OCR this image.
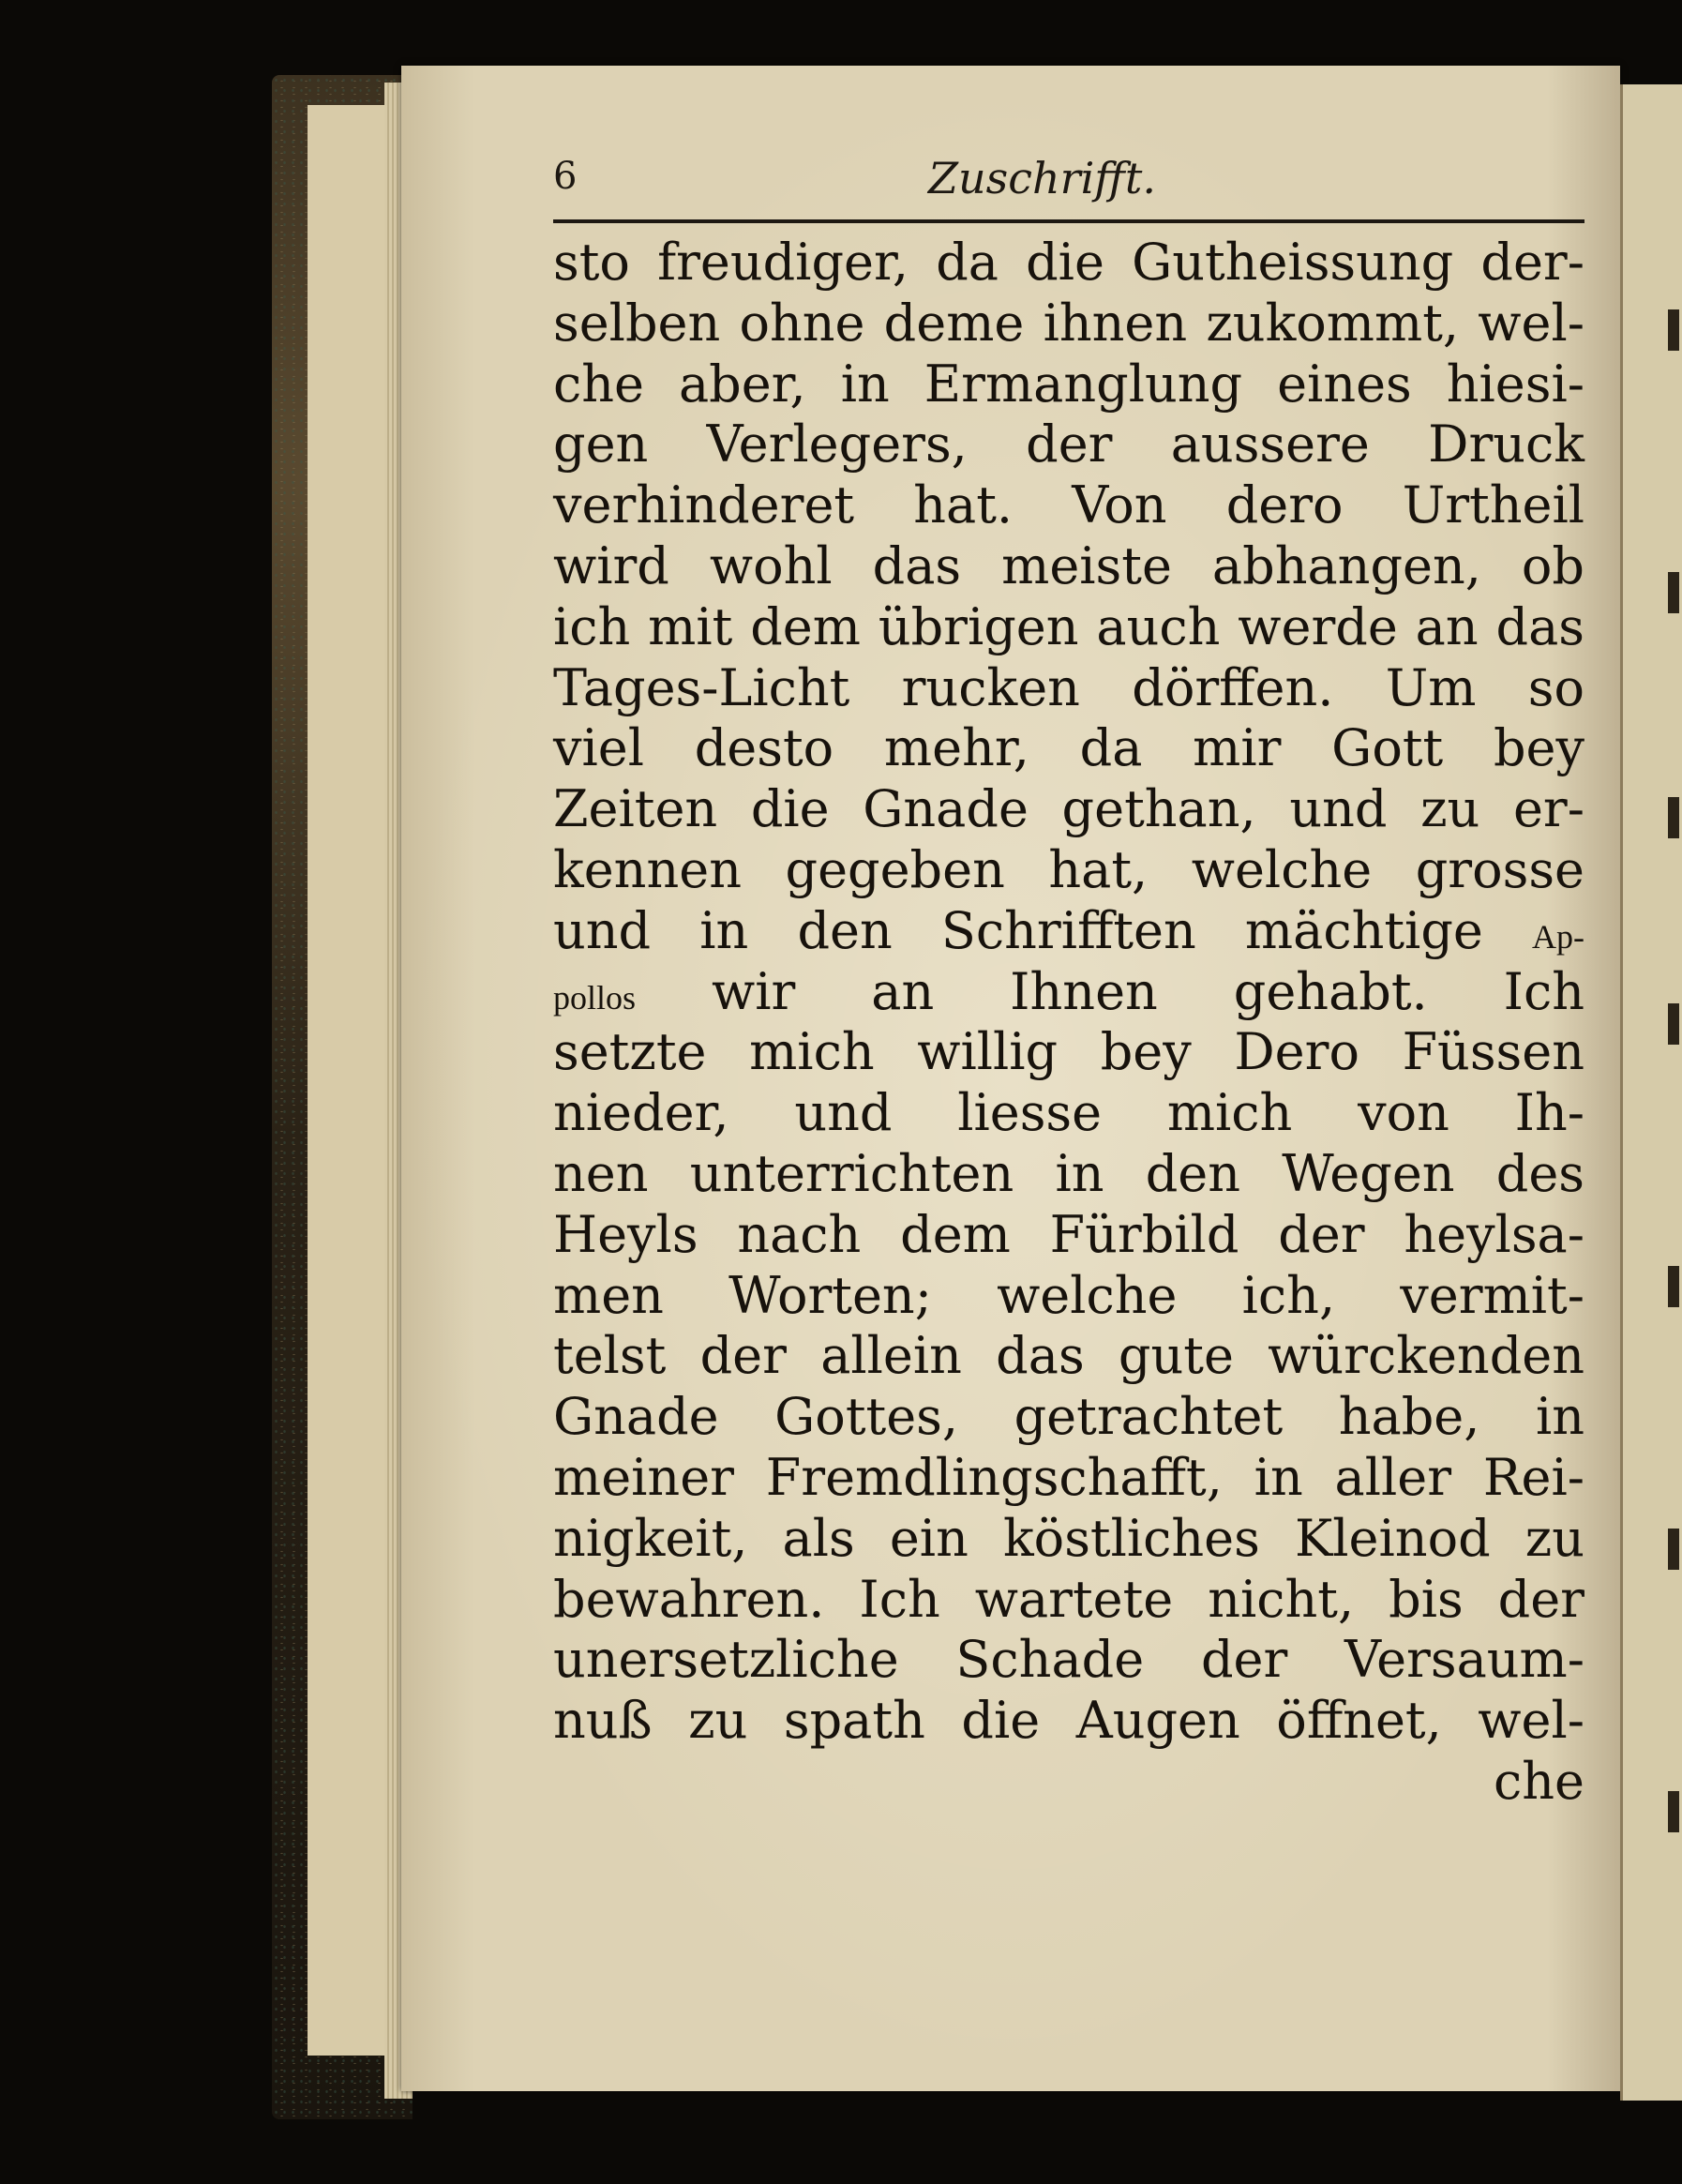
6	Zuschrifft.
sto freudiger, da die Gutheissung der‑
selben ohne deme ihnen zukommt, wel‑
che aber, in Ermanglung eines hiesi‑
gen Verlegers, der aussere Druck
verhinderet hat. Von dero Urtheil
wird wohl das meiste abhangen, ob
ich mit dem übrigen auch werde an das
Tages‑Licht rucken dörffen. Um so
viel desto mehr, da mir Gott bey
Zeiten die Gnade gethan, und zu er‑
kennen gegeben hat, welche grosse
und in den Schrifften mächtige Ap-
pollos wir an Ihnen gehabt. Ich
setzte mich willig bey Dero Füssen
nieder, und liesse mich von Ih‑
nen unterrichten in den Wegen des
Heyls nach dem Fürbild der heylsa‑
men Worten; welche ich, vermit‑
telst der allein das gute würckenden
Gnade Gottes, getrachtet habe, in
meiner Fremdlingschafft, in aller Rei‑
nigkeit, als ein köstliches Kleinod zu
bewahren. Ich wartete nicht, bis der
unersetzliche Schade der Versaum‑
nuß zu spath die Augen öffnet, wel‑
che
